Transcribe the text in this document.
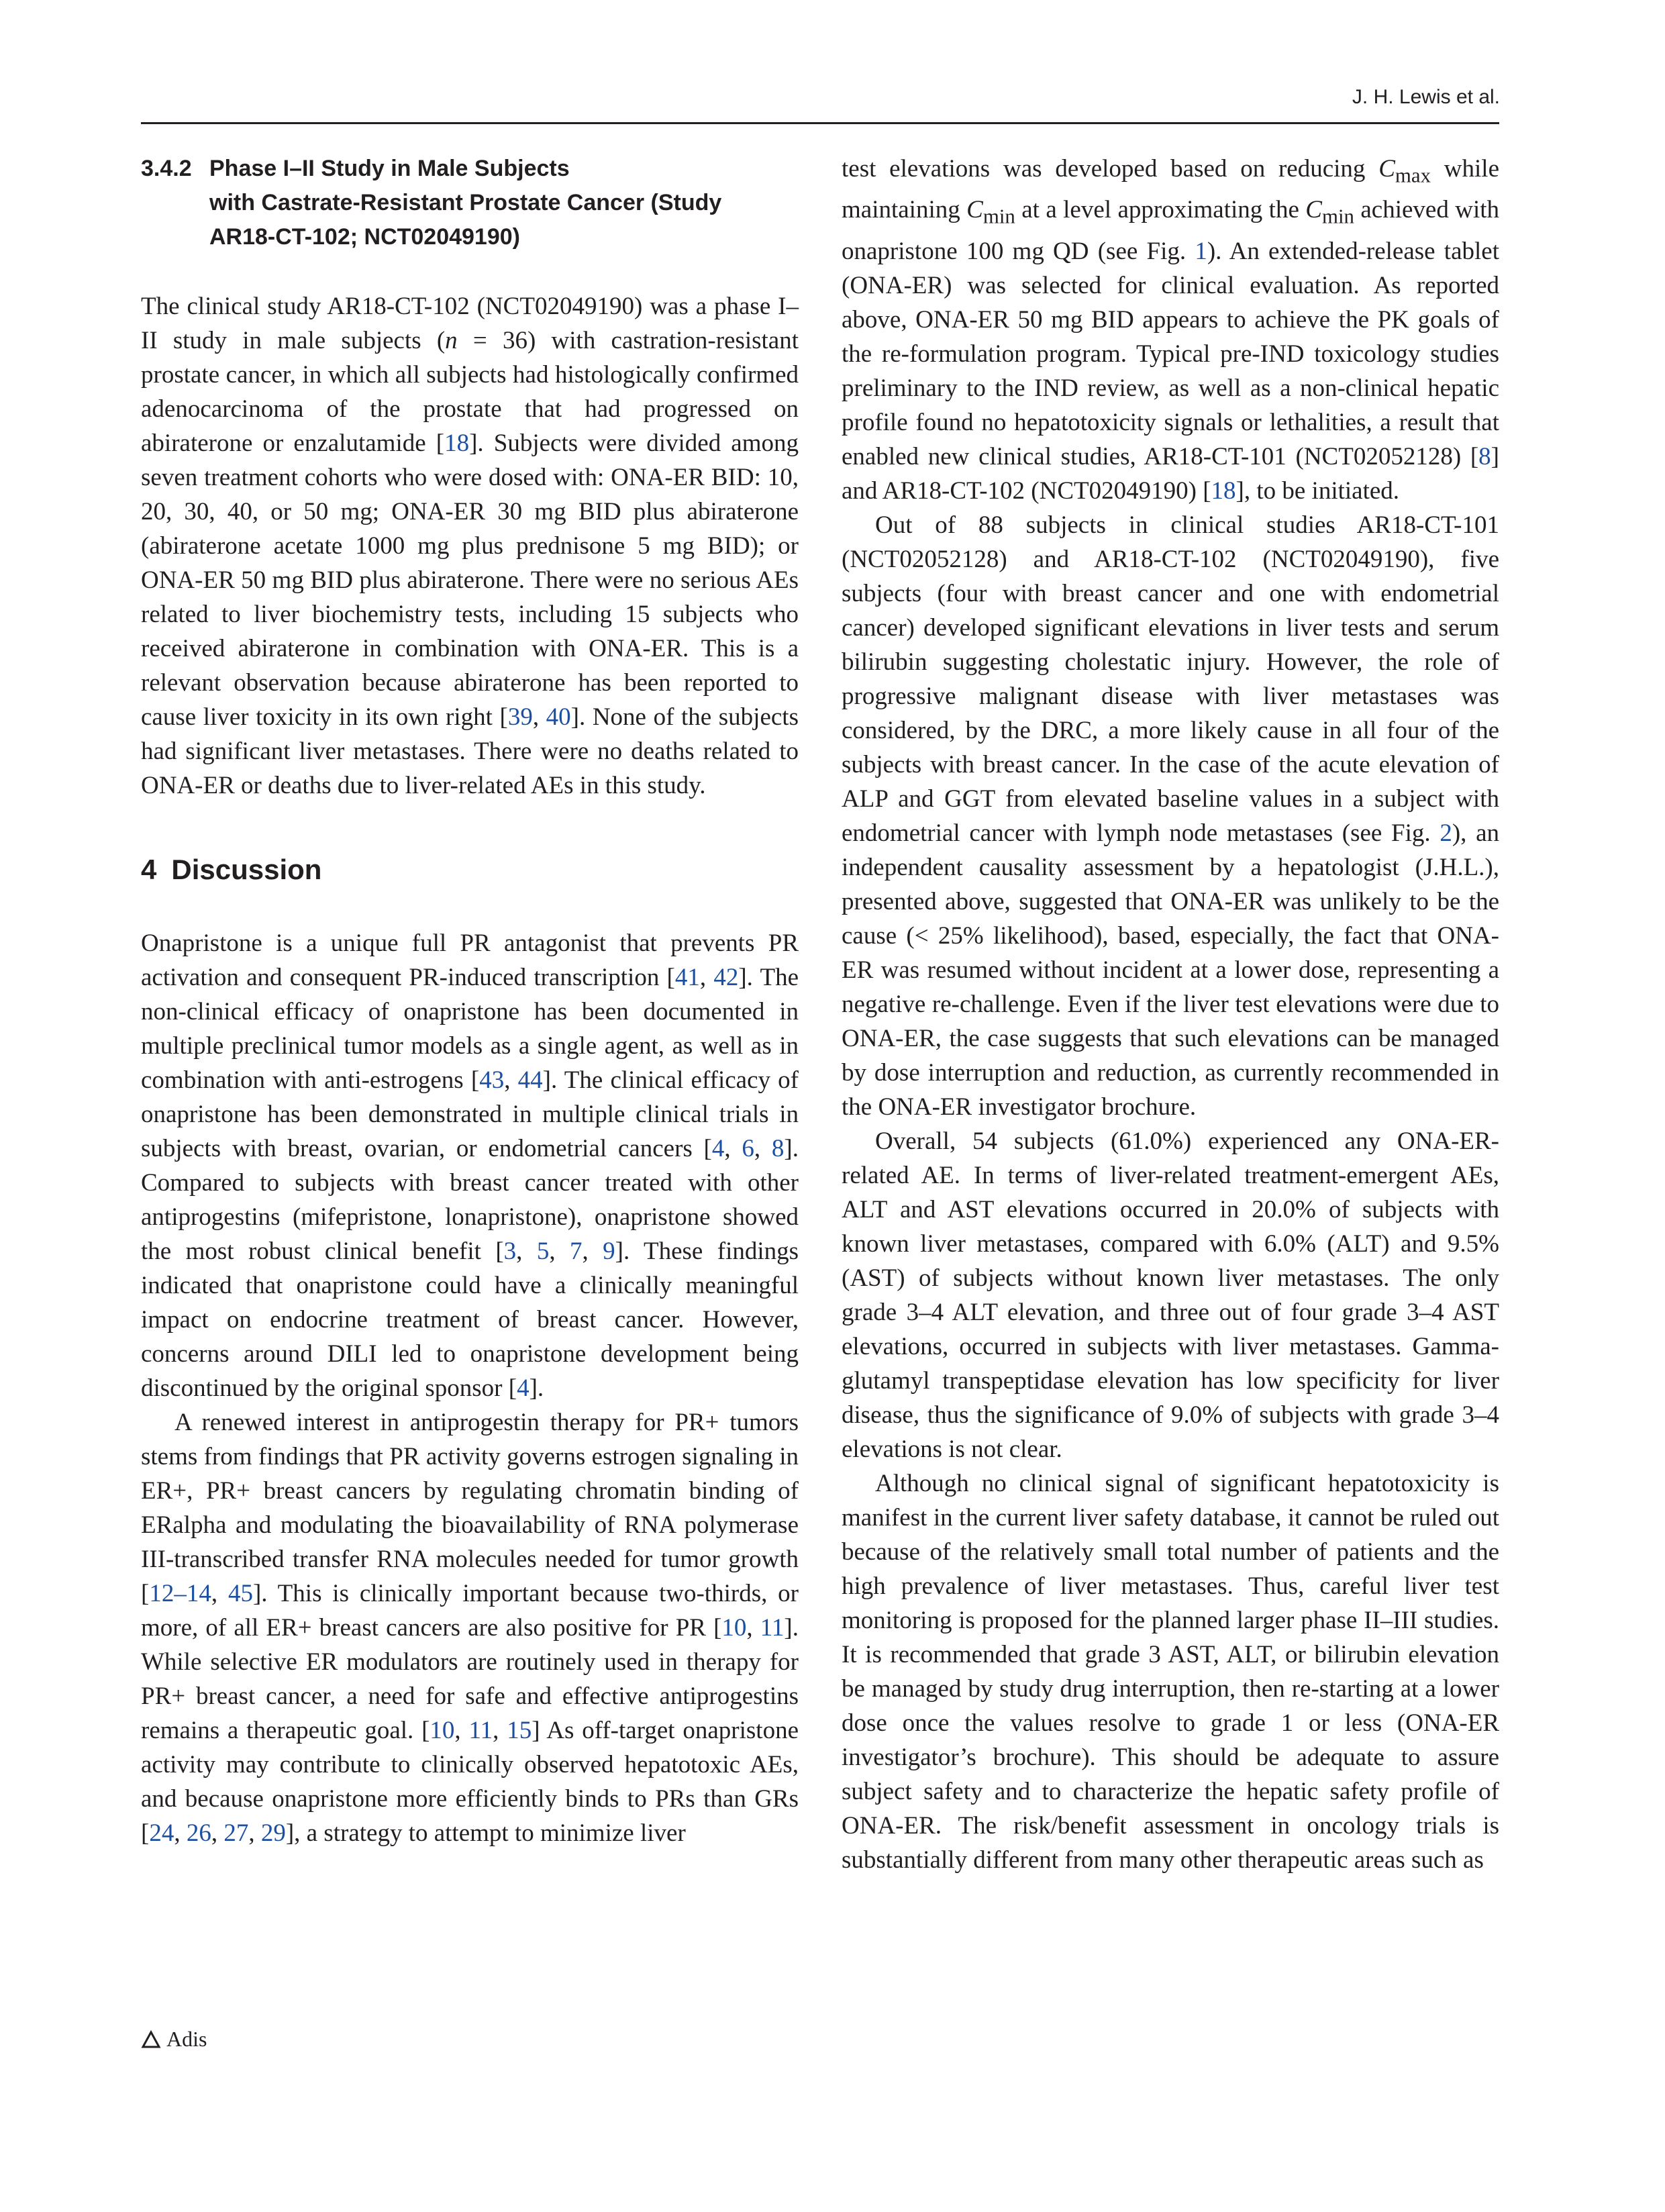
J. H. Lewis et al.
3.4.2 Phase I–II Study in Male Subjects
with Castrate-Resistant Prostate Cancer (Study
AR18-CT-102; NCT02049190)

The clinical study AR18-CT-102 (NCT02049190) was a phase I–II study in male subjects (n = 36) with castration-resistant prostate cancer, in which all subjects had histologically confirmed adenocarcinoma of the prostate that had progressed on abiraterone or enzalutamide [18]. Subjects were divided among seven treatment cohorts who were dosed with: ONA-ER BID: 10, 20, 30, 40, or 50 mg; ONA-ER 30 mg BID plus abiraterone (abiraterone acetate 1000 mg plus prednisone 5 mg BID); or ONA-ER 50 mg BID plus abiraterone. There were no serious AEs related to liver biochemistry tests, including 15 subjects who received abiraterone in combination with ONA-ER. This is a relevant observation because abiraterone has been reported to cause liver toxicity in its own right [39, 40]. None of the subjects had significant liver metastases. There were no deaths related to ONA-ER or deaths due to liver-related AEs in this study.

4 Discussion

Onapristone is a unique full PR antagonist that prevents PR activation and consequent PR-induced transcription [41, 42]. The non-clinical efficacy of onapristone has been documented in multiple preclinical tumor models as a single agent, as well as in combination with anti-estrogens [43, 44]. The clinical efficacy of onapristone has been demonstrated in multiple clinical trials in subjects with breast, ovarian, or endometrial cancers [4, 6, 8]. Compared to subjects with breast cancer treated with other antiprogestins (mifepristone, lonapristone), onapristone showed the most robust clinical benefit [3, 5, 7, 9]. These findings indicated that onapristone could have a clinically meaningful impact on endocrine treatment of breast cancer. However, concerns around DILI led to onapristone development being discontinued by the original sponsor [4].

A renewed interest in antiprogestin therapy for PR+ tumors stems from findings that PR activity governs estrogen signaling in ER+, PR+ breast cancers by regulating chromatin binding of ERalpha and modulating the bioavailability of RNA polymerase III-transcribed transfer RNA molecules needed for tumor growth [12–14, 45]. This is clinically important because two-thirds, or more, of all ER+ breast cancers are also positive for PR [10, 11]. While selective ER modulators are routinely used in therapy for PR+ breast cancer, a need for safe and effective antiprogestins remains a therapeutic goal. [10, 11, 15] As off-target onapristone activity may contribute to clinically observed hepatotoxic AEs, and because onapristone more efficiently binds to PRs than GRs [24, 26, 27, 29], a strategy to attempt to minimize liver

test elevations was developed based on reducing $C_{max}$ while maintaining $C_{min}$ at a level approximating the $C_{min}$ achieved with onapristone 100 mg QD (see Fig. 1). An extended-release tablet (ONA-ER) was selected for clinical evaluation. As reported above, ONA-ER 50 mg BID appears to achieve the PK goals of the re-formulation program. Typical pre-IND toxicology studies preliminary to the IND review, as well as a non-clinical hepatic profile found no hepatotoxicity signals or lethalities, a result that enabled new clinical studies, AR18-CT-101 (NCT02052128) [8] and AR18-CT-102 (NCT02049190) [18], to be initiated.

Out of 88 subjects in clinical studies AR18-CT-101 (NCT02052128) and AR18-CT-102 (NCT02049190), five subjects (four with breast cancer and one with endometrial cancer) developed significant elevations in liver tests and serum bilirubin suggesting cholestatic injury. However, the role of progressive malignant disease with liver metastases was considered, by the DRC, a more likely cause in all four of the subjects with breast cancer. In the case of the acute elevation of ALP and GGT from elevated baseline values in a subject with endometrial cancer with lymph node metastases (see Fig. 2), an independent causality assessment by a hepatologist (J.H.L.), presented above, suggested that ONA-ER was unlikely to be the cause (< 25% likelihood), based, especially, the fact that ONA-ER was resumed without incident at a lower dose, representing a negative re-challenge. Even if the liver test elevations were due to ONA-ER, the case suggests that such elevations can be managed by dose interruption and reduction, as currently recommended in the ONA-ER investigator brochure.

Overall, 54 subjects (61.0%) experienced any ONA-ER-related AE. In terms of liver-related treatment-emergent AEs, ALT and AST elevations occurred in 20.0% of subjects with known liver metastases, compared with 6.0% (ALT) and 9.5% (AST) of subjects without known liver metastases. The only grade 3–4 ALT elevation, and three out of four grade 3–4 AST elevations, occurred in subjects with liver metastases. Gamma-glutamyl transpeptidase elevation has low specificity for liver disease, thus the significance of 9.0% of subjects with grade 3–4 elevations is not clear.

Although no clinical signal of significant hepatotoxicity is manifest in the current liver safety database, it cannot be ruled out because of the relatively small total number of patients and the high prevalence of liver metastases. Thus, careful liver test monitoring is proposed for the planned larger phase II–III studies. It is recommended that grade 3 AST, ALT, or bilirubin elevation be managed by study drug interruption, then re-starting at a lower dose once the values resolve to grade 1 or less (ONA-ER investigator’s brochure). This should be adequate to assure subject safety and to characterize the hepatic safety profile of ONA-ER. The risk/benefit assessment in oncology trials is substantially different from many other therapeutic areas such as

Adis
